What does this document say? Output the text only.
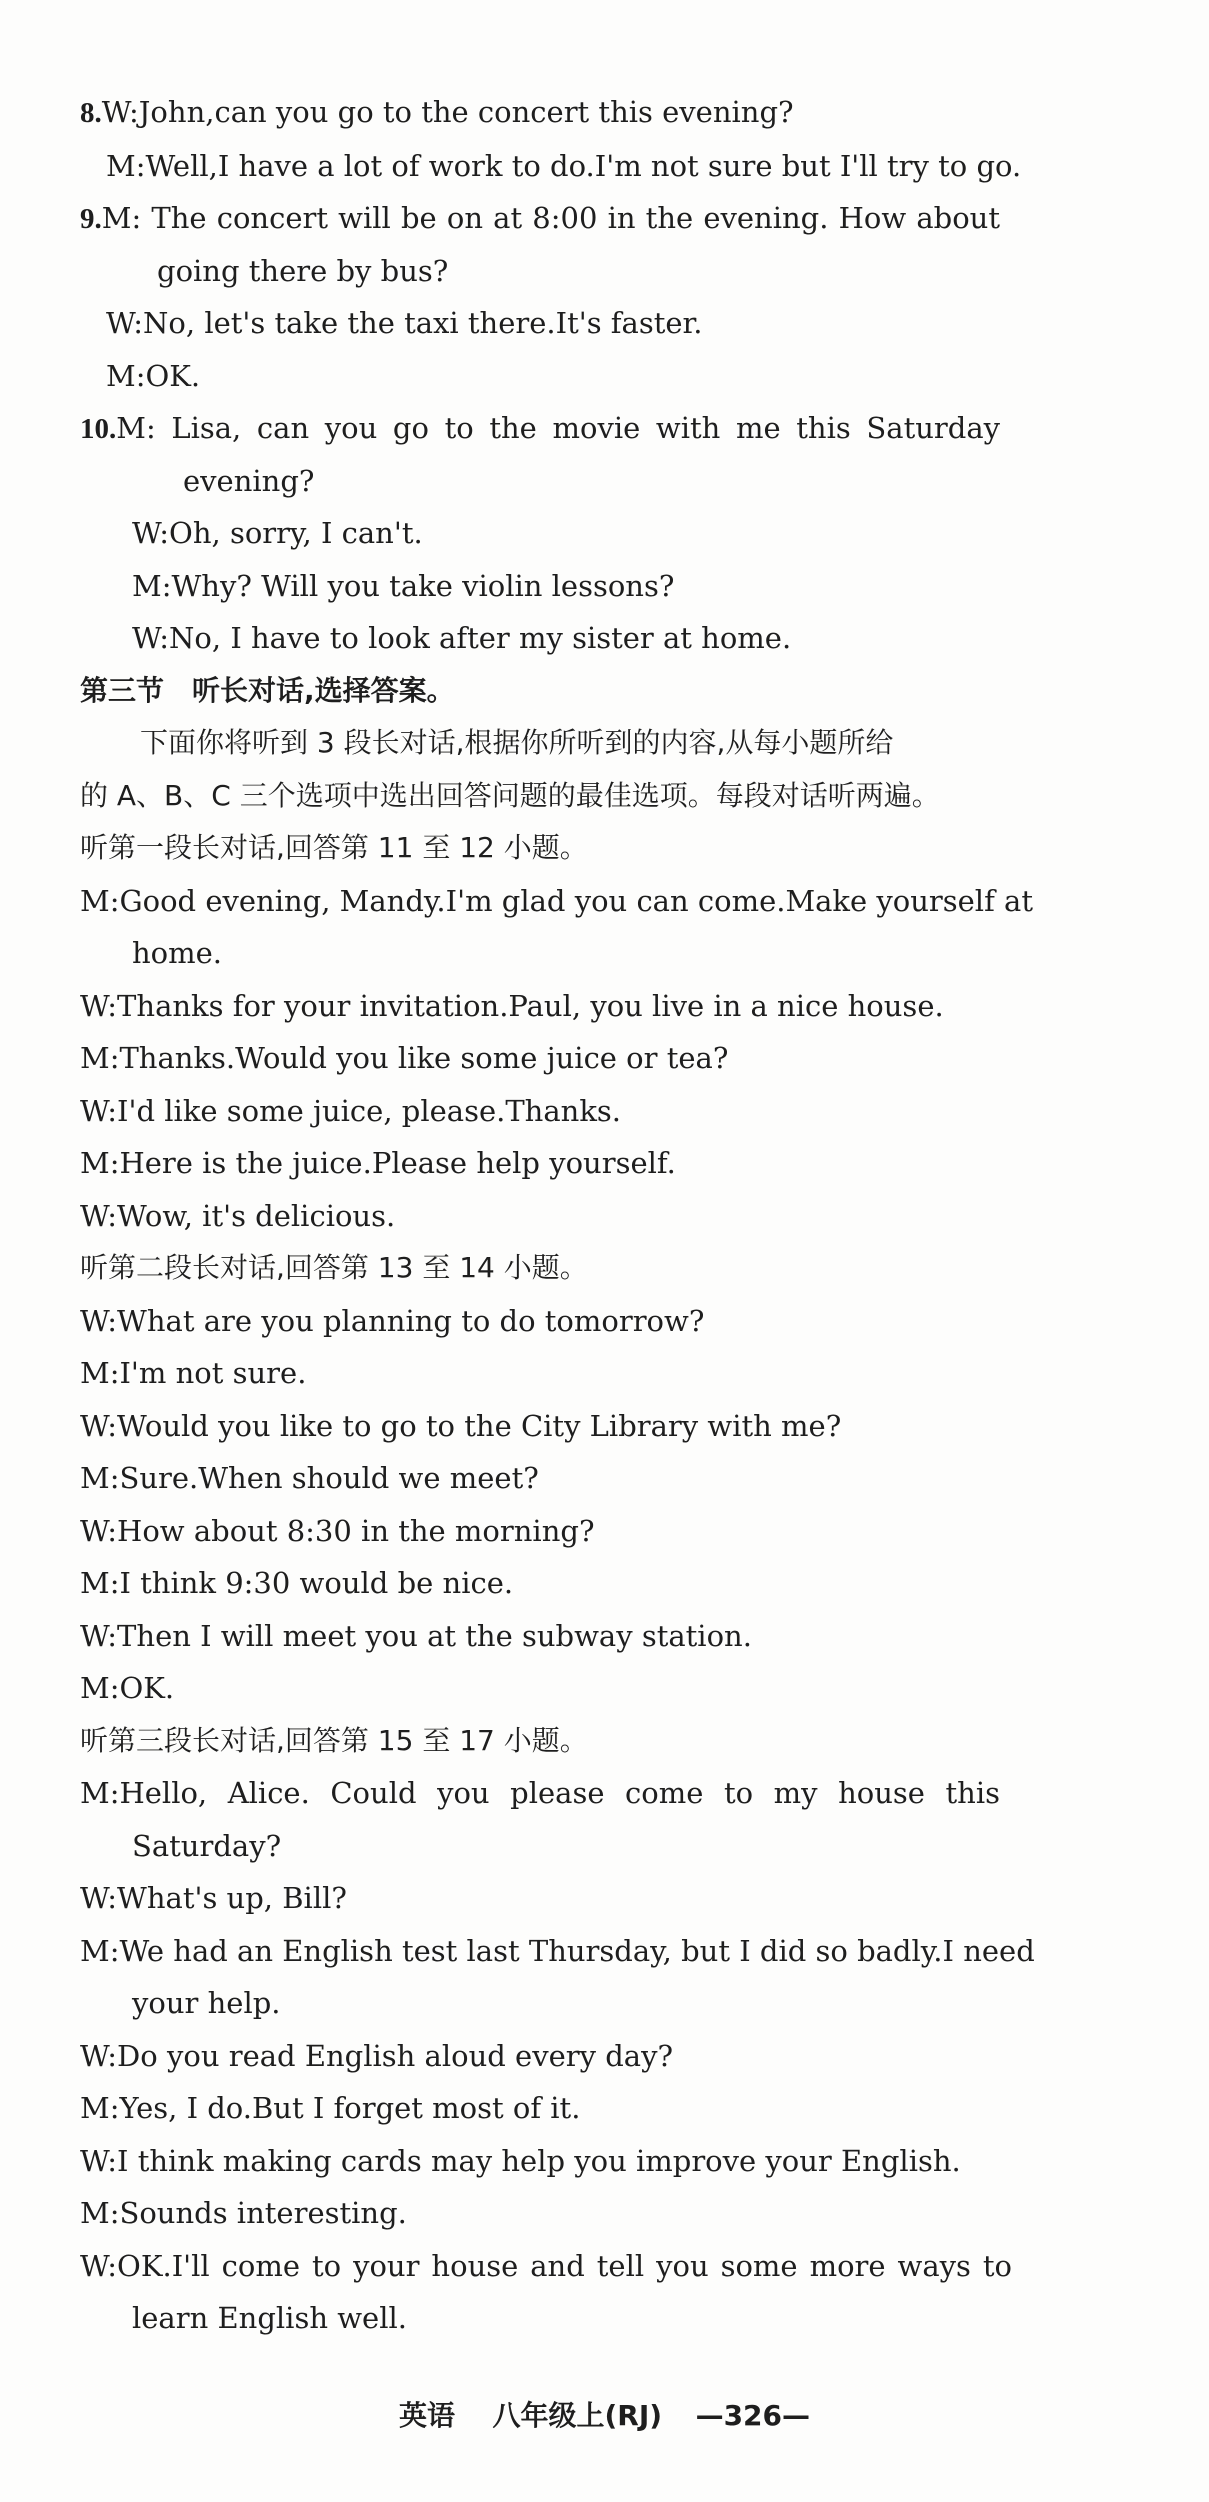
8.W:John,can you go to the concert this evening?
M:Well,I have a lot of work to do.I'm not sure but I'll try to go.
9.M: The concert will be on at 8:00 in the evening. How about
going there by bus?
W:No, let's take the taxi there.It's faster.
M:OK.
10.M: Lisa, can you go to the movie with me this Saturday
evening?
W:Oh, sorry, I can't.
M:Why? Will you take violin lessons?
W:No, I have to look after my sister at home.
第三节　听长对话,选择答案。
下面你将听到 3 段长对话,根据你所听到的内容,从每小题所给
的 A、B、C 三个选项中选出回答问题的最佳选项。每段对话听两遍。
听第一段长对话,回答第 11 至 12 小题。
M:Good evening, Mandy.I'm glad you can come.Make yourself at
home.
W:Thanks for your invitation.Paul, you live in a nice house.
M:Thanks.Would you like some juice or tea?
W:I'd like some juice, please.Thanks.
M:Here is the juice.Please help yourself.
W:Wow, it's delicious.
听第二段长对话,回答第 13 至 14 小题。
W:What are you planning to do tomorrow?
M:I'm not sure.
W:Would you like to go to the City Library with me?
M:Sure.When should we meet?
W:How about 8:30 in the morning?
M:I think 9:30 would be nice.
W:Then I will meet you at the subway station.
M:OK.
听第三段长对话,回答第 15 至 17 小题。
M:Hello, Alice. Could you please come to my house this
Saturday?
W:What's up, Bill?
M:We had an English test last Thursday, but I did so badly.I need
your help.
W:Do you read English aloud every day?
M:Yes, I do.But I forget most of it.
W:I think making cards may help you improve your English.
M:Sounds interesting.
W:OK.I'll come to your house and tell you some more ways to
learn English well.
英语 八年级上(RJ) —326—
